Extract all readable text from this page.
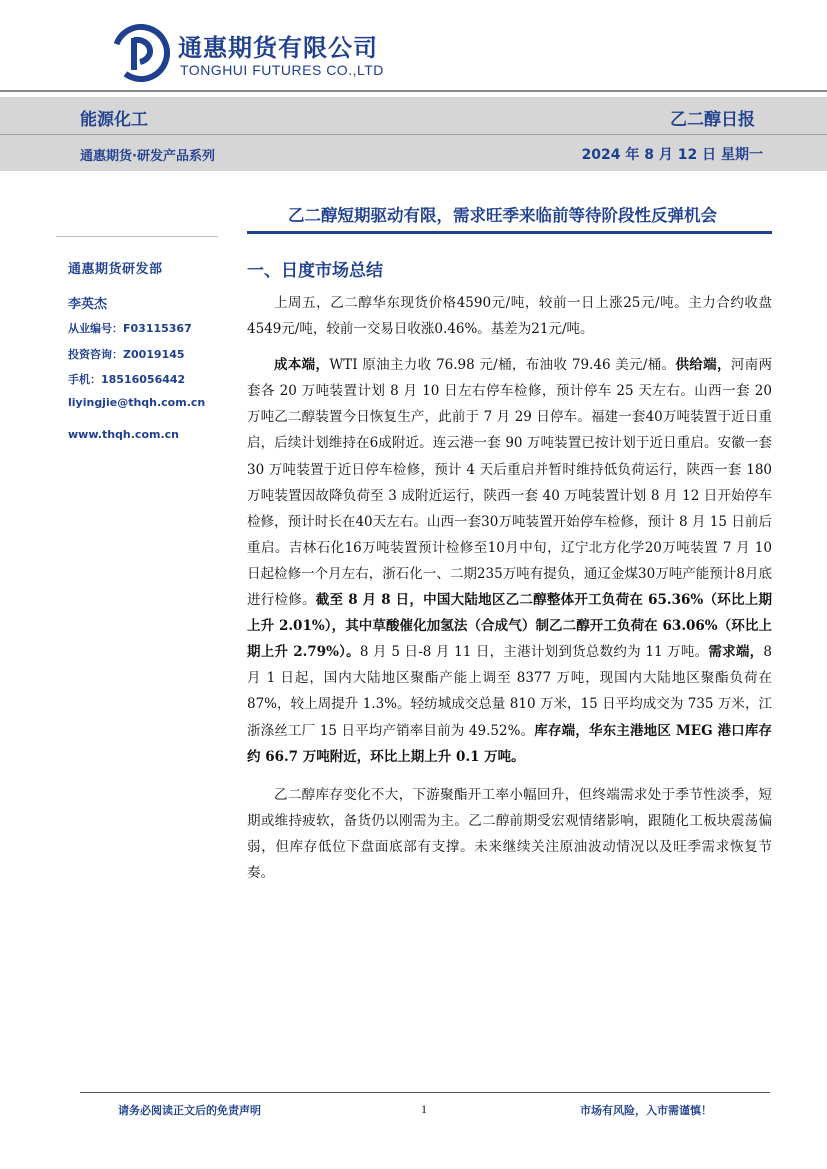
通惠期货有限公司
TONGHUI FUTURES CO.,LTD
能源化工	乙二醇日报
通惠期货·研发产品系列	2024 年 8 月 12 日 星期一
乙二醇短期驱动有限，需求旺季来临前等待阶段性反弹机会
通惠期货研发部
李英杰
从业编号：F03115367
投资咨询：Z0019145
手机：18516056442
liyingjie@thqh.com.cn
www.thqh.com.cn
一、日度市场总结

上周五，乙二醇华东现货价格4590元/吨，较前一日上涨25元/吨。主力合约收盘4549元/吨，较前一交易日收涨0.46%。基差为21元/吨。

成本端，WTI 原油主力收 76.98 元/桶，布油收 79.46 美元/桶。供给端，河南两套各 20 万吨装置计划 8 月 10 日左右停车检修，预计停车 25 天左右。山西一套 20 万吨乙二醇装置今日恢复生产，此前于 7 月 29 日停车。福建一套40万吨装置于近日重启，后续计划维持在6成附近。连云港一套 90 万吨装置已按计划于近日重启。安徽一套 30 万吨装置于近日停车检修，预计 4 天后重启并暂时维持低负荷运行，陕西一套 180 万吨装置因故降负荷至 3 成附近运行，陕西一套 40 万吨装置计划 8 月 12 日开始停车检修，预计时长在40天左右。山西一套30万吨装置开始停车检修，预计 8 月 15 日前后重启。吉林石化16万吨装置预计检修至10月中旬，辽宁北方化学20万吨装置 7 月 10 日起检修一个月左右，浙石化一、二期235万吨有提负，通辽金煤30万吨产能预计8月底进行检修。截至 8 月 8 日，中国大陆地区乙二醇整体开工负荷在 65.36%（环比上期上升 2.01%），其中草酸催化加氢法（合成气）制乙二醇开工负荷在 63.06%（环比上期上升 2.79%）。8 月 5 日-8 月 11 日，主港计划到货总数约为 11 万吨。需求端，8 月 1 日起，国内大陆地区聚酯产能上调至 8377 万吨，现国内大陆地区聚酯负荷在 87%，较上周提升 1.3%。轻纺城成交总量 810 万米，15 日平均成交为 735 万米，江浙涤丝工厂 15 日平均产销率目前为 49.52%。库存端，华东主港地区 MEG 港口库存约 66.7 万吨附近，环比上期上升 0.1 万吨。

乙二醇库存变化不大，下游聚酯开工率小幅回升，但终端需求处于季节性淡季，短期或维持疲软，备货仍以刚需为主。乙二醇前期受宏观情绪影响，跟随化工板块震荡偏弱，但库存低位下盘面底部有支撑。未来继续关注原油波动情况以及旺季需求恢复节奏。

请务必阅读正文后的免责声明	1	市场有风险，入市需谨慎！
